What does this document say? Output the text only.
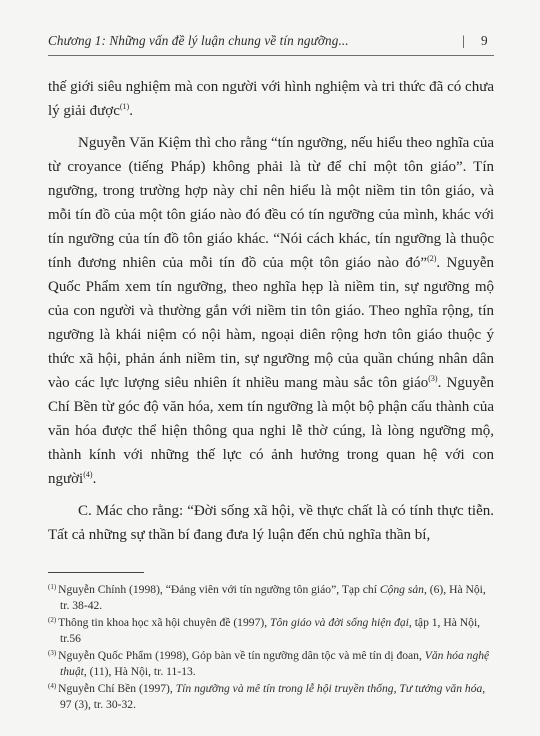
Chương 1: Những vấn đề lý luận chung về tín ngưỡng...	| 9

thế giới siêu nghiệm mà con người với hình nghiệm và tri thức đã có chưa lý giải được$^{(1)}$.

Nguyễn Văn Kiệm thì cho rằng “tín ngưỡng, nếu hiểu theo nghĩa của từ croyance (tiếng Pháp) không phải là từ để chỉ một tôn giáo”. Tín ngưỡng, trong trường hợp này chỉ nên hiểu là một niềm tin tôn giáo, và mỗi tín đồ của một tôn giáo nào đó đều có tín ngưỡng của mình, khác với tín ngưỡng của tín đồ tôn giáo khác. “Nói cách khác, tín ngưỡng là thuộc tính đương nhiên của mỗi tín đồ của một tôn giáo nào đó”$^{(2)}$. Nguyễn Quốc Phẩm xem tín ngưỡng, theo nghĩa hẹp là niềm tin, sự ngưỡng mộ của con người và thường gắn với niềm tin tôn giáo. Theo nghĩa rộng, tín ngưỡng là khái niệm có nội hàm, ngoại diên rộng hơn tôn giáo thuộc ý thức xã hội, phản ánh niềm tin, sự ngưỡng mộ của quần chúng nhân dân vào các lực lượng siêu nhiên ít nhiều mang màu sắc tôn giáo$^{(3)}$. Nguyễn Chí Bền từ góc độ văn hóa, xem tín ngưỡng là một bộ phận cấu thành của văn hóa được thể hiện thông qua nghi lễ thờ cúng, là lòng ngưỡng mộ, thành kính với những thế lực có ảnh hưởng trong quan hệ với con người$^{(4)}$.

C. Mác cho rằng: “Đời sống xã hội, về thực chất là có tính thực tiễn. Tất cả những sự thần bí đang đưa lý luận đến chủ nghĩa thần bí,

$^{(1)}$ Nguyễn Chính (1998), “Đảng viên với tín ngưỡng tôn giáo”, Tạp chí Cộng sản, (6), Hà Nội, tr. 38-42.
$^{(2)}$ Thông tin khoa học xã hội chuyên đề (1997), Tôn giáo và đời sống hiện đại, tập 1, Hà Nội, tr.56
$^{(3)}$ Nguyễn Quốc Phẩm (1998), Góp bàn về tín ngưỡng dân tộc và mê tín dị đoan, Văn hóa nghệ thuật, (11), Hà Nội, tr. 11-13.
$^{(4)}$ Nguyễn Chí Bền (1997), Tín ngưỡng và mê tín trong lễ hội truyền thống, Tư tưởng văn hóa, 97 (3), tr. 30-32.
